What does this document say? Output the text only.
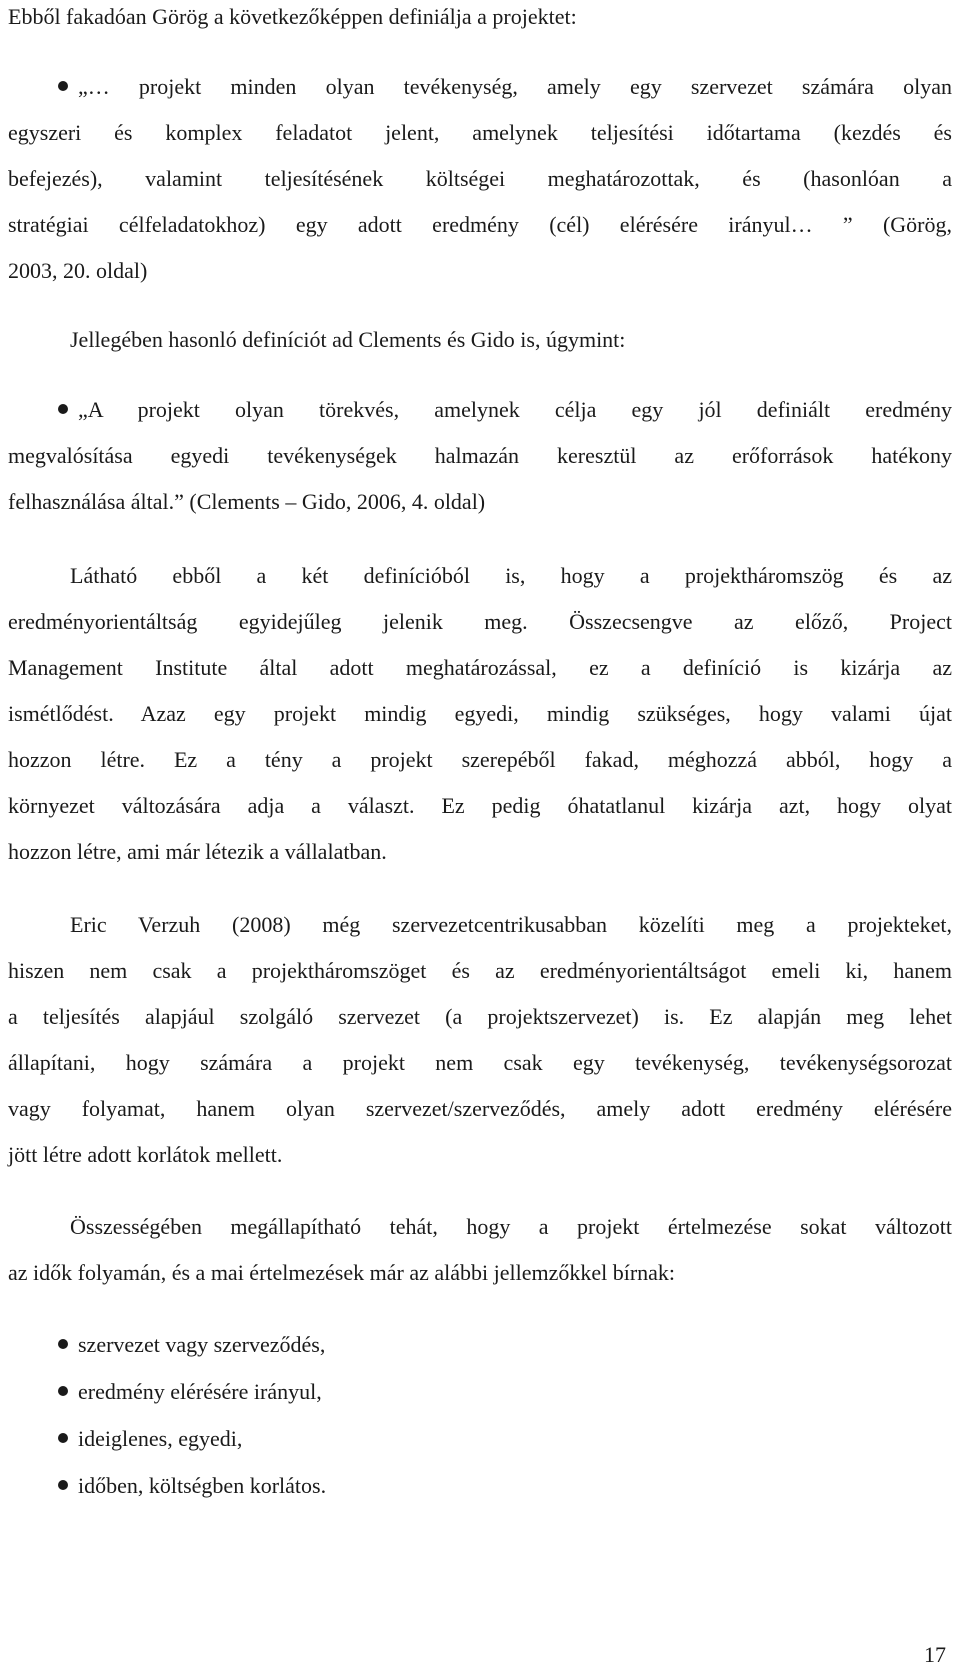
Ebből fakadóan Görög a következőképpen definiálja a projektet:
„… projekt minden olyan tevékenység, amely egy szervezet számára olyan
egyszeri és komplex feladatot jelent, amelynek teljesítési időtartama (kezdés és
befejezés), valamint teljesítésének költségei meghatározottak, és (hasonlóan a
stratégiai célfeladatokhoz) egy adott eredmény (cél) elérésére irányul… ” (Görög,
2003, 20. oldal)
Jellegében hasonló definíciót ad Clements és Gido is, úgymint:
„A projekt olyan törekvés, amelynek célja egy jól definiált eredmény
megvalósítása egyedi tevékenységek halmazán keresztül az erőforrások hatékony
felhasználása által.” (Clements – Gido, 2006, 4. oldal)
Látható ebből a két definícióból is, hogy a projektháromszög és az
eredményorientáltság egyidejűleg jelenik meg. Összecsengve az előző, Project
Management Institute által adott meghatározással, ez a definíció is kizárja az
ismétlődést. Azaz egy projekt mindig egyedi, mindig szükséges, hogy valami újat
hozzon létre. Ez a tény a projekt szerepéből fakad, méghozzá abból, hogy a
környezet változására adja a választ. Ez pedig óhatatlanul kizárja azt, hogy olyat
hozzon létre, ami már létezik a vállalatban.
Eric Verzuh (2008) még szervezetcentrikusabban közelíti meg a projekteket,
hiszen nem csak a projektháromszöget és az eredményorientáltságot emeli ki, hanem
a teljesítés alapjául szolgáló szervezet (a projektszervezet) is. Ez alapján meg lehet
állapítani, hogy számára a projekt nem csak egy tevékenység, tevékenységsorozat
vagy folyamat, hanem olyan szervezet/szerveződés, amely adott eredmény elérésére
jött létre adott korlátok mellett.
Összességében megállapítható tehát, hogy a projekt értelmezése sokat változott
az idők folyamán, és a mai értelmezések már az alábbi jellemzőkkel bírnak:
szervezet vagy szerveződés,
eredmény elérésére irányul,
ideiglenes, egyedi,
időben, költségben korlátos.
17
